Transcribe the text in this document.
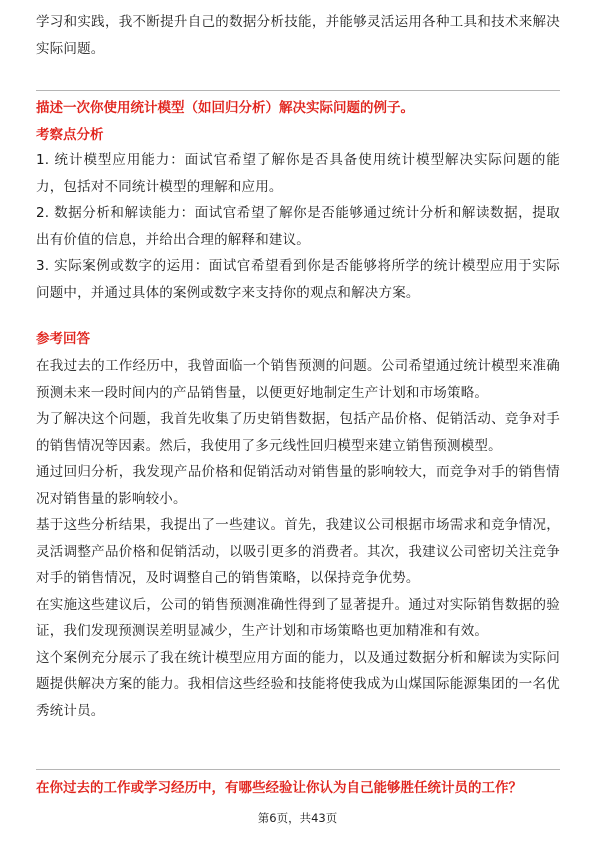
学习和实践，我不断提升自己的数据分析技能，并能够灵活运用各种工具和技术来解决实际问题。

描述一次你使用统计模型（如回归分析）解决实际问题的例子。

考察点分析

1. 统计模型应用能力：面试官希望了解你是否具备使用统计模型解决实际问题的能力，包括对不同统计模型的理解和应用。

2. 数据分析和解读能力：面试官希望了解你是否能够通过统计分析和解读数据，提取出有价值的信息，并给出合理的解释和建议。

3. 实际案例或数字的运用：面试官希望看到你是否能够将所学的统计模型应用于实际问题中，并通过具体的案例或数字来支持你的观点和解决方案。

参考回答

在我过去的工作经历中，我曾面临一个销售预测的问题。公司希望通过统计模型来准确预测未来一段时间内的产品销售量，以便更好地制定生产计划和市场策略。

为了解决这个问题，我首先收集了历史销售数据，包括产品价格、促销活动、竞争对手的销售情况等因素。然后，我使用了多元线性回归模型来建立销售预测模型。

通过回归分析，我发现产品价格和促销活动对销售量的影响较大，而竞争对手的销售情况对销售量的影响较小。

基于这些分析结果，我提出了一些建议。首先，我建议公司根据市场需求和竞争情况，灵活调整产品价格和促销活动，以吸引更多的消费者。其次，我建议公司密切关注竞争对手的销售情况，及时调整自己的销售策略，以保持竞争优势。

在实施这些建议后，公司的销售预测准确性得到了显著提升。通过对实际销售数据的验证，我们发现预测误差明显减少，生产计划和市场策略也更加精准和有效。

这个案例充分展示了我在统计模型应用方面的能力，以及通过数据分析和解读为实际问题提供解决方案的能力。我相信这些经验和技能将使我成为山煤国际能源集团的一名优秀统计员。

在你过去的工作或学习经历中，有哪些经验让你认为自己能够胜任统计员的工作？

第6页，共43页
